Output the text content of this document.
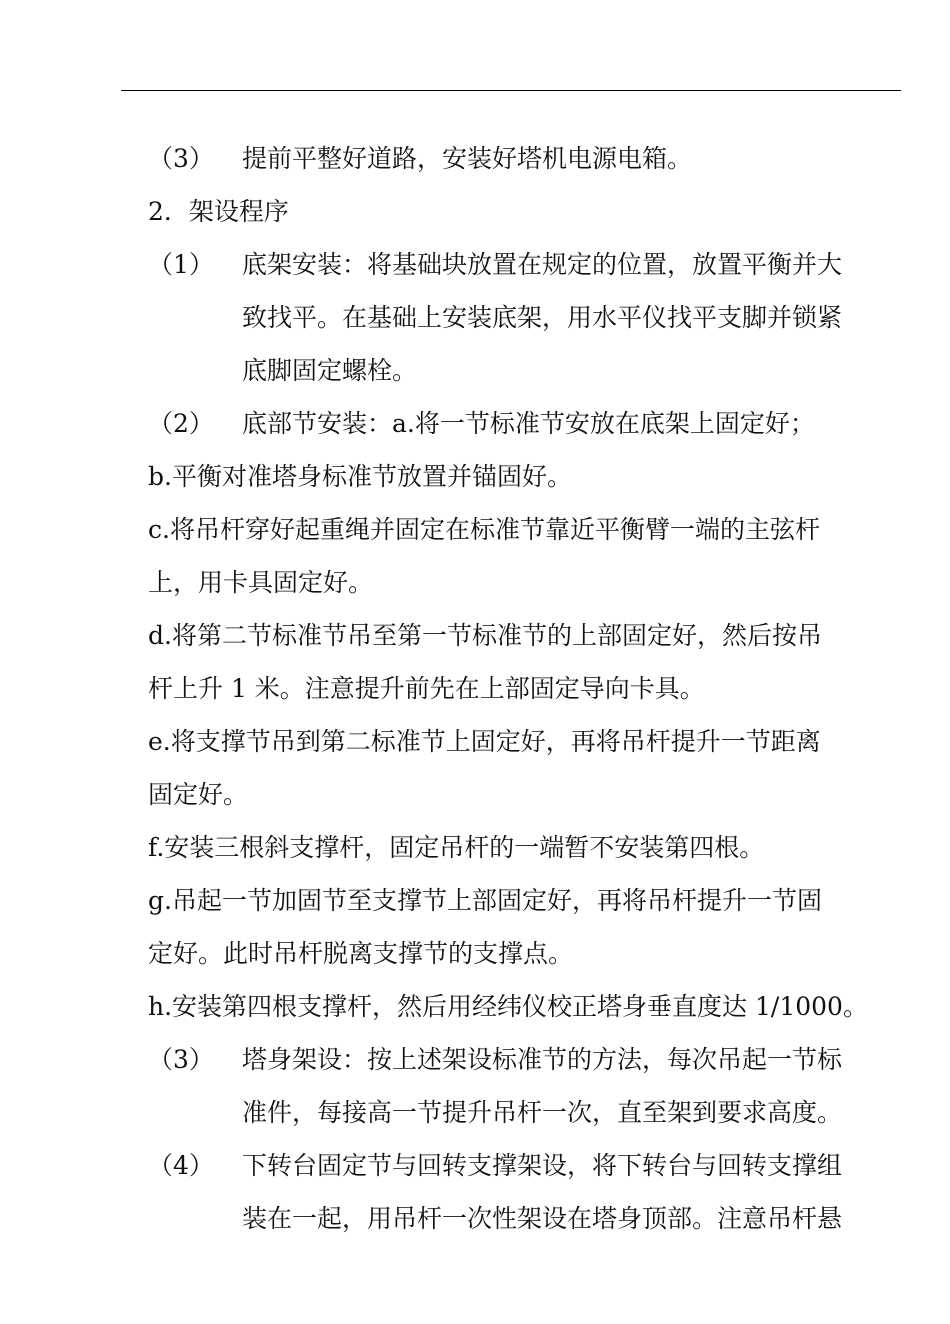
（3） 提前平整好道路，安装好塔机电源电箱。
2．架设程序
（1） 底架安装：将基础块放置在规定的位置，放置平衡并大
致找平。在基础上安装底架，用水平仪找平支脚并锁紧
底脚固定螺栓。
（2） 底部节安装：a.将一节标准节安放在底架上固定好；
b.平衡对准塔身标准节放置并锚固好。
c.将吊杆穿好起重绳并固定在标准节靠近平衡臂一端的主弦杆
上，用卡具固定好。
d.将第二节标准节吊至第一节标准节的上部固定好，然后按吊
杆上升 1 米。注意提升前先在上部固定导向卡具。
e.将支撑节吊到第二标准节上固定好，再将吊杆提升一节距离
固定好。
f.安装三根斜支撑杆，固定吊杆的一端暂不安装第四根。
g.吊起一节加固节至支撑节上部固定好，再将吊杆提升一节固
定好。此时吊杆脱离支撑节的支撑点。
h.安装第四根支撑杆，然后用经纬仪校正塔身垂直度达 1/1000。
（3） 塔身架设：按上述架设标准节的方法，每次吊起一节标
准件，每接高一节提升吊杆一次，直至架到要求高度。
（4） 下转台固定节与回转支撑架设，将下转台与回转支撑组
装在一起，用吊杆一次性架设在塔身顶部。注意吊杆悬
